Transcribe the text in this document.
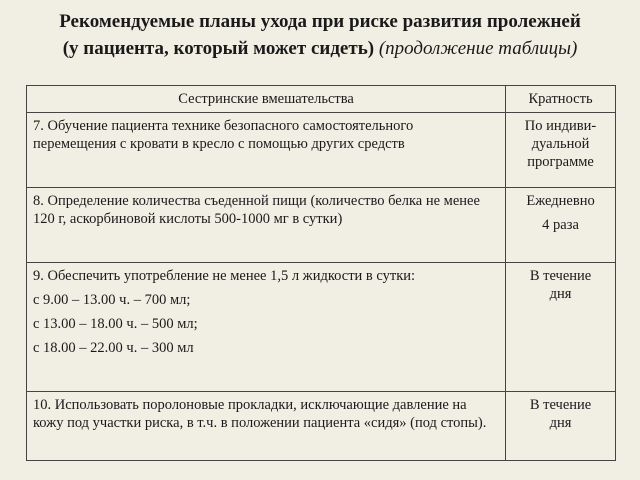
Рекомендуемые планы ухода при риске развития пролежней
(у пациента, который может сидеть) (продолжение таблицы)
Сестринские вмешательства	Кратность
7. Обучение пациента технике безопасного самостоятельного перемещения с кровати в кресло с помощью других средств	По индиви-
дуальной
программе

8. Определение количества съеденной пищи (количество белка не менее 120 г, аскорбиновой кислоты 500-1000 мг в сутки)	Ежедневно
4 раза

9. Обеспечить употребление не менее 1,5 л жидкости в сутки:
с 9.00 – 13.00 ч. – 700 мл;
с 13.00 – 18.00 ч. – 500 мл;
с 18.00 – 22.00 ч. – 300 мл	В течение
дня

10. Использовать поролоновые прокладки, исключающие давление на кожу под участки риска, в т.ч. в положении пациента «сидя» (под стопы).	В течение
дня
